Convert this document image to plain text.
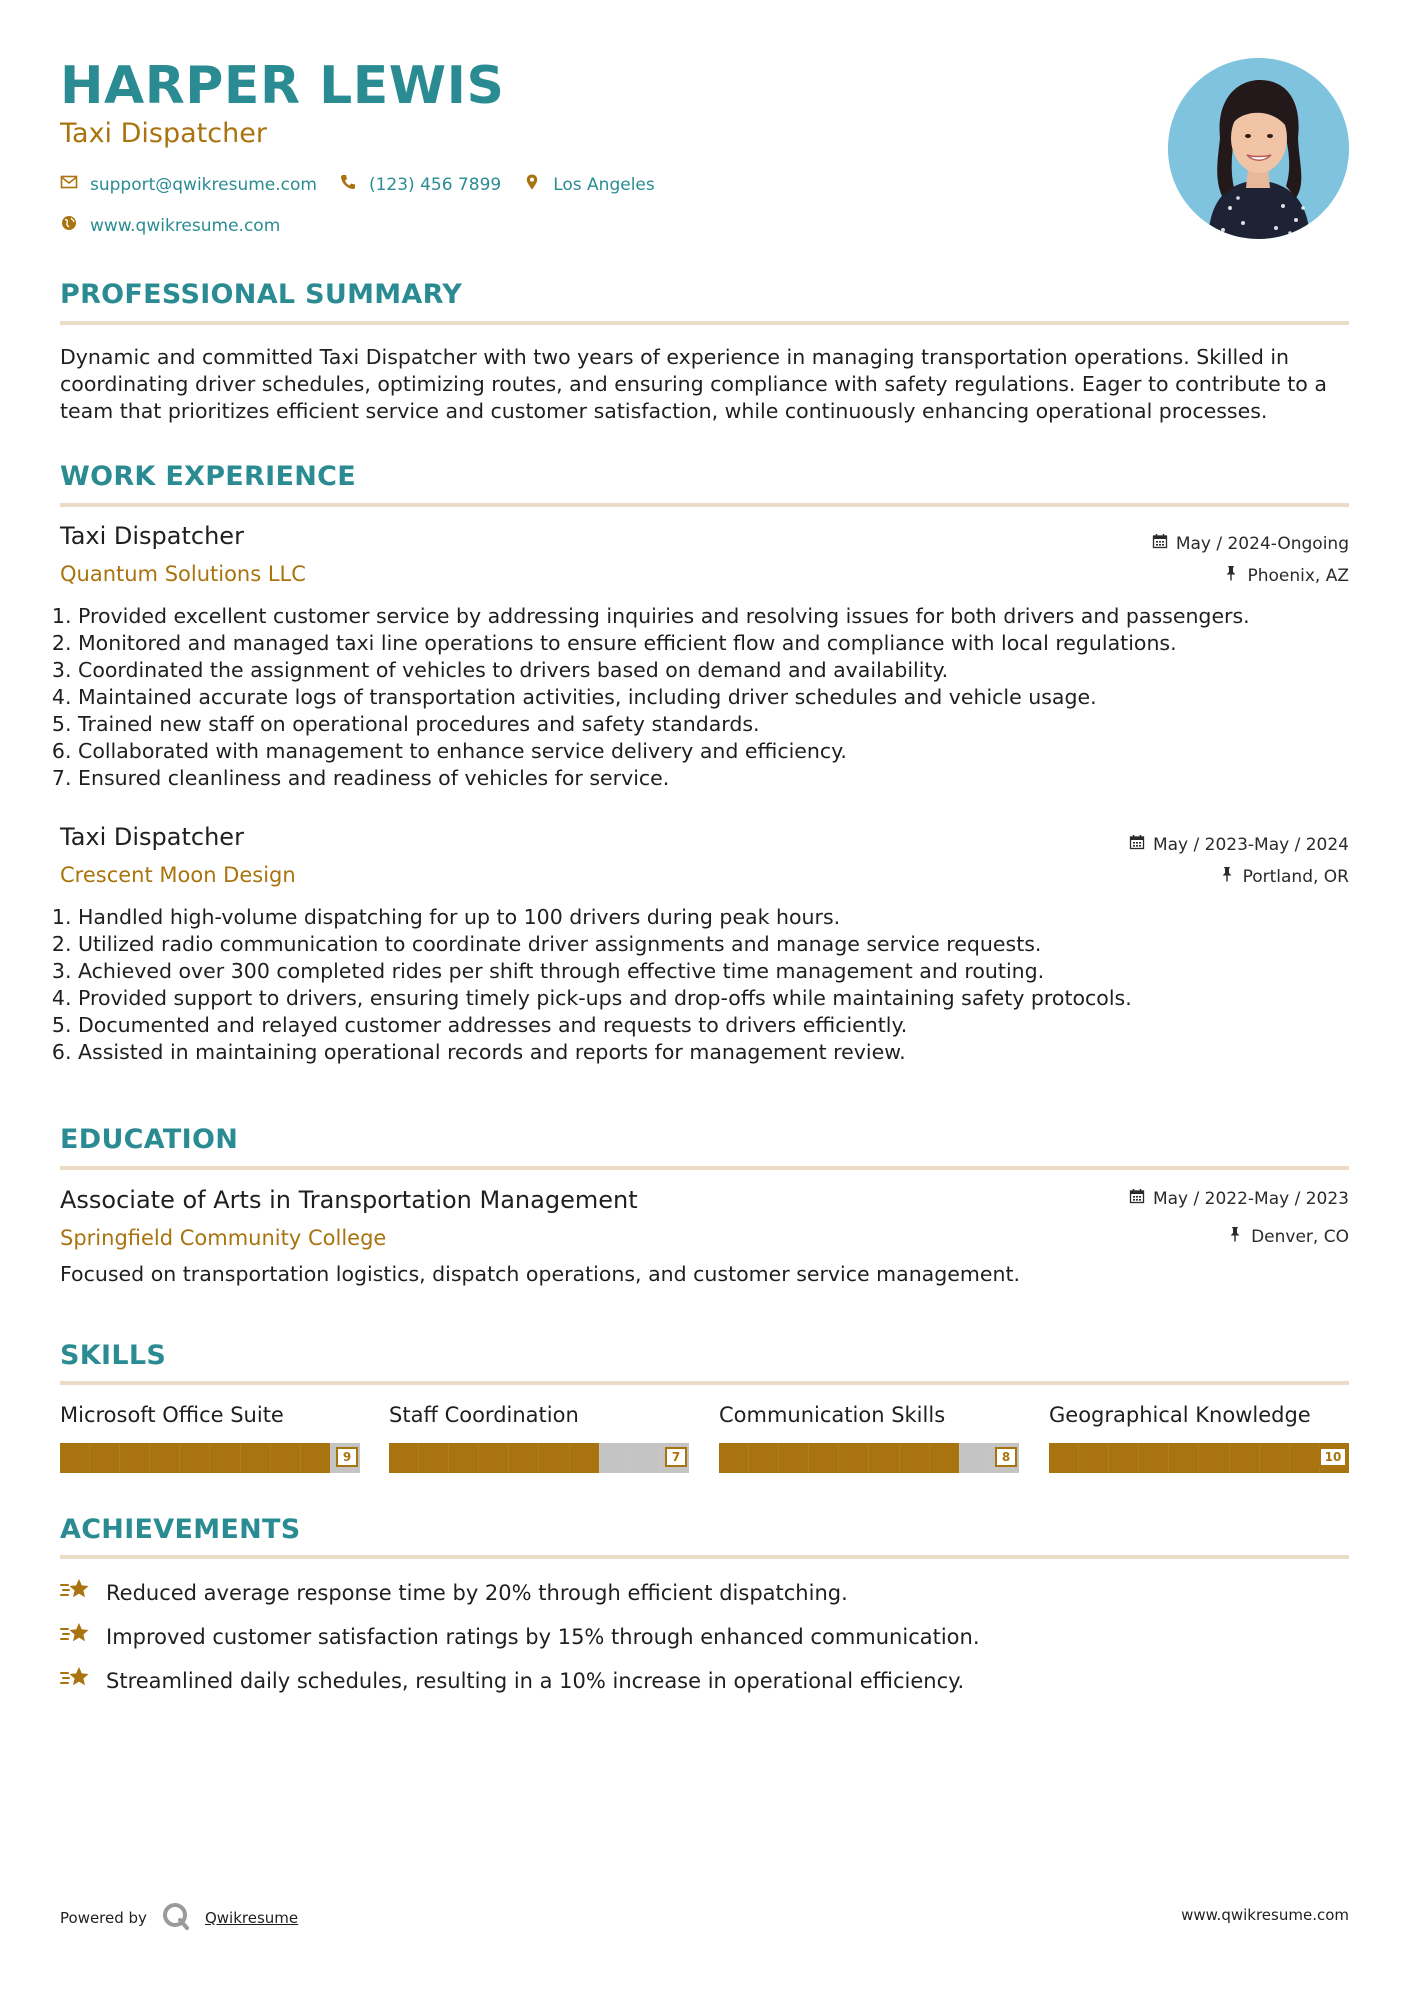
HARPER LEWIS
Taxi Dispatcher
support@qwikresume.com	(123) 456 7899	Los Angeles
www.qwikresume.com
PROFESSIONAL SUMMARY
Dynamic and committed Taxi Dispatcher with two years of experience in managing transportation operations. Skilled in coordinating driver schedules, optimizing routes, and ensuring compliance with safety regulations. Eager to contribute to a team that prioritizes efficient service and customer satisfaction, while continuously enhancing operational processes.
WORK EXPERIENCE
Taxi Dispatcher
Quantum Solutions LLC
May / 2024-Ongoing
Phoenix, AZ
1. Provided excellent customer service by addressing inquiries and resolving issues for both drivers and passengers.
2. Monitored and managed taxi line operations to ensure efficient flow and compliance with local regulations.
3. Coordinated the assignment of vehicles to drivers based on demand and availability.
4. Maintained accurate logs of transportation activities, including driver schedules and vehicle usage.
5. Trained new staff on operational procedures and safety standards.
6. Collaborated with management to enhance service delivery and efficiency.
7. Ensured cleanliness and readiness of vehicles for service.
Taxi Dispatcher
Crescent Moon Design
May / 2023-May / 2024
Portland, OR
1. Handled high-volume dispatching for up to 100 drivers during peak hours.
2. Utilized radio communication to coordinate driver assignments and manage service requests.
3. Achieved over 300 completed rides per shift through effective time management and routing.
4. Provided support to drivers, ensuring timely pick-ups and drop-offs while maintaining safety protocols.
5. Documented and relayed customer addresses and requests to drivers efficiently.
6. Assisted in maintaining operational records and reports for management review.
EDUCATION
Associate of Arts in Transportation Management
Springfield Community College
May / 2022-May / 2023
Denver, CO
Focused on transportation logistics, dispatch operations, and customer service management.
SKILLS
Microsoft Office Suite
9
Staff Coordination
7
Communication Skills
8
Geographical Knowledge
10
ACHIEVEMENTS
Reduced average response time by 20% through efficient dispatching.
Improved customer satisfaction ratings by 15% through enhanced communication.
Streamlined daily schedules, resulting in a 10% increase in operational efficiency.
Powered by	Qwikresume	www.qwikresume.com
